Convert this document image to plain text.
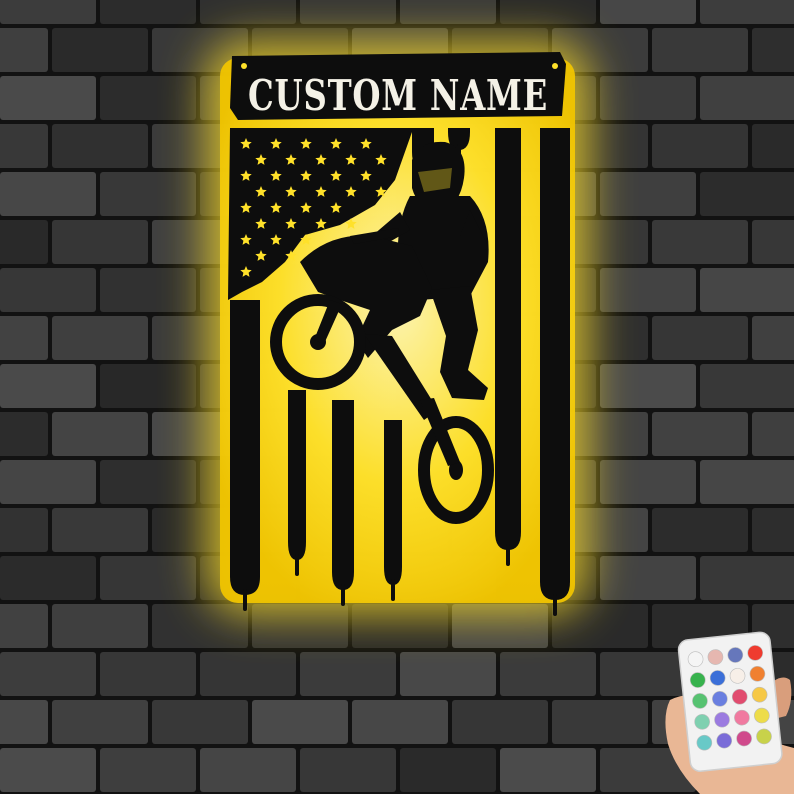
CUSTOM NAME
